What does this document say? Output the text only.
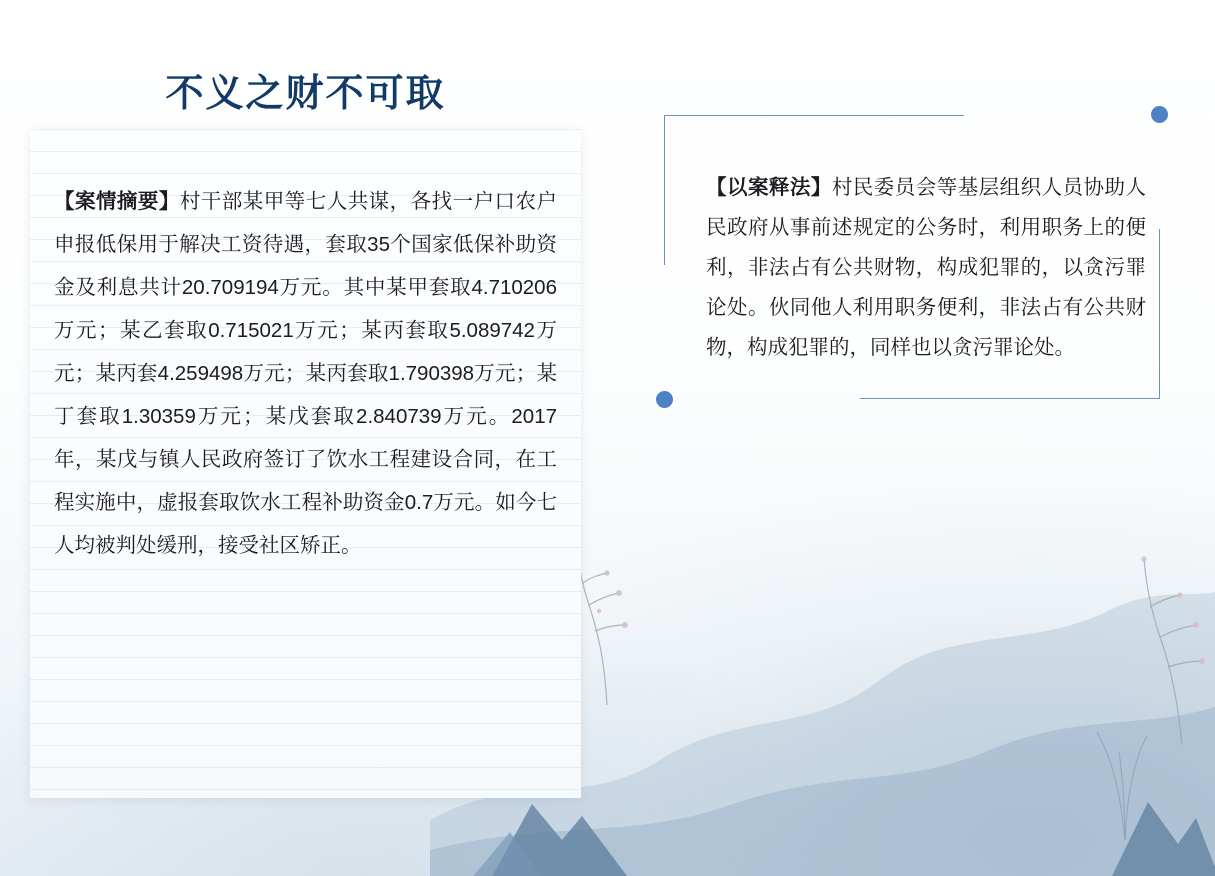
不义之财不可取

【案情摘要】村干部某甲等七人共谋，各找一户口农户申报低保用于解决工资待遇，套取35个国家低保补助资金及利息共计20.709194万元。其中某甲套取4.710206万元；某乙套取0.715021万元；某丙套取5.089742万元；某丙套4.259498万元；某丙套取1.790398万元；某丁套取1.30359万元；某戊套取2.840739万元。2017年，某戊与镇人民政府签订了饮水工程建设合同，在工程实施中，虚报套取饮水工程补助资金0.7万元。如今七人均被判处缓刑，接受社区矫正。

【以案释法】村民委员会等基层组织人员协助人民政府从事前述规定的公务时，利用职务上的便利，非法占有公共财物，构成犯罪的，以贪污罪论处。伙同他人利用职务便利，非法占有公共财物，构成犯罪的，同样也以贪污罪论处。
